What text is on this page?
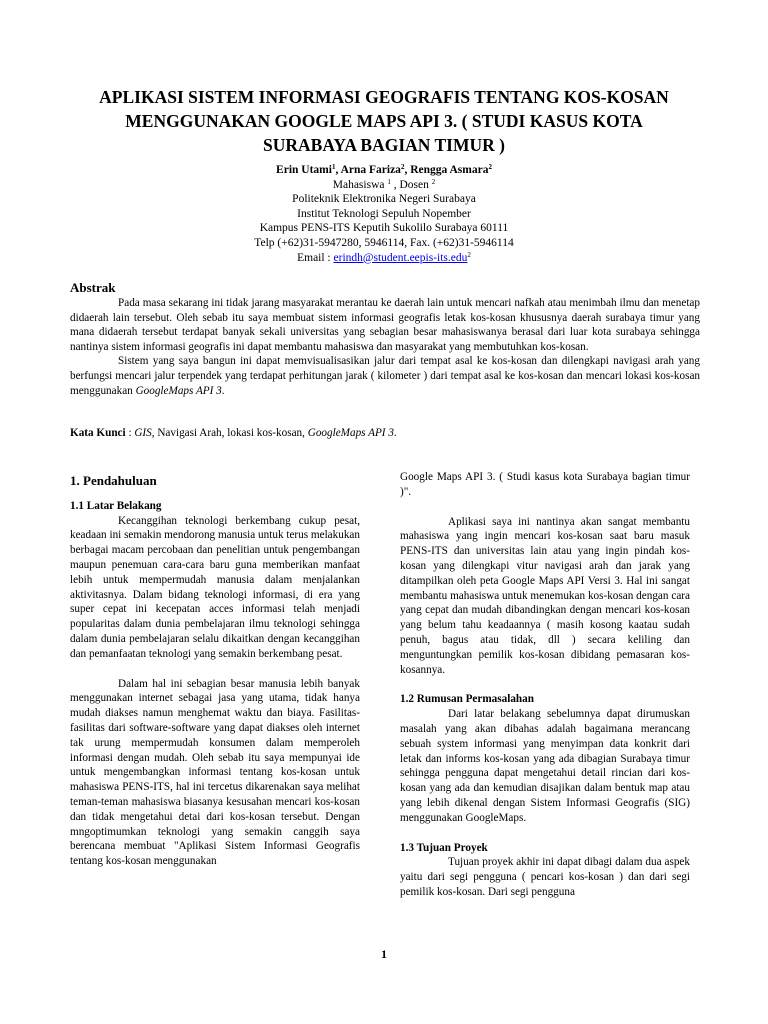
APLIKASI SISTEM INFORMASI GEOGRAFIS TENTANG KOS-KOSAN
MENGGUNAKAN GOOGLE MAPS API 3. ( STUDI KASUS KOTA
SURABAYA BAGIAN TIMUR )
Erin Utami$^1$, Arna Fariza$^2$, Rengga Asmara$^2$
Mahasiswa $^1$ , Dosen $^2$
Politeknik Elektronika Negeri Surabaya
Institut Teknologi Sepuluh Nopember
Kampus PENS-ITS Keputih Sukolilo Surabaya 60111
Telp (+62)31-5947280, 5946114, Fax. (+62)31-5946114
Email : erindh@student.eepis-its.edu$^2$
Abstrak

Pada masa sekarang ini tidak jarang masyarakat merantau ke daerah lain untuk mencari nafkah atau menimbah ilmu dan menetap didaerah lain tersebut. Oleh sebab itu saya membuat sistem informasi geografis letak kos-kosan khususnya daerah surabaya timur yang mana didaerah tersebut terdapat banyak sekali universitas yang sebagian besar mahasiswanya berasal dari luar kota surabaya sehingga nantinya sistem informasi geografis ini dapat membantu mahasiswa dan masyarakat yang membutuhkan kos-kosan.

Sistem yang saya bangun ini dapat memvisualisasikan jalur dari tempat asal ke kos-kosan dan dilengkapi navigasi arah yang berfungsi mencari jalur terpendek yang terdapat perhitungan jarak ( kilometer ) dari tempat asal ke kos-kosan dan mencari lokasi kos-kosan menggunakan GoogleMaps API 3.

Kata Kunci : GIS, Navigasi Arah, lokasi kos-kosan, GoogleMaps API 3.
1. Pendahuluan
1.1 Latar Belakang

Kecanggihan teknologi berkembang cukup pesat, keadaan ini semakin mendorong manusia untuk terus melakukan berbagai macam percobaan dan penelitian untuk pengembangan maupun penemuan cara-cara baru guna memberikan manfaat lebih untuk mempermudah manusia dalam menjalankan aktivitasnya. Dalam bidang teknologi informasi, di era yang super cepat ini kecepatan acces informasi telah menjadi popularitas dalam dunia pembelajaran ilmu teknologi sehingga dalam dunia pembelajaran selalu dikaitkan dengan kecanggihan dan pemanfaatan teknologi yang semakin berkembang pesat.

Dalam hal ini sebagian besar manusia lebih banyak menggunakan internet sebagai jasa yang utama, tidak hanya mudah diakses namun menghemat waktu dan biaya. Fasilitas-fasilitas dari software-software yang dapat diakses oleh internet tak urung mempermudah konsumen dalam memperoleh informasi dengan mudah. Oleh sebab itu saya mempunyai ide untuk mengembangkan informasi tentang kos-kosan untuk mahasiswa PENS-ITS, hal ini tercetus dikarenakan saya melihat teman-teman mahasiswa biasanya kesusahan mencari kos-kosan dan tidak mengetahui detai dari kos-kosan tersebut. Dengan mngoptimumkan teknologi yang semakin canggih saya berencana membuat "Aplikasi Sistem Informasi Geografis tentang kos-kosan menggunakan

Google Maps API 3. ( Studi kasus kota Surabaya bagian timur )".

Aplikasi saya ini nantinya akan sangat membantu mahasiswa yang ingin mencari kos-kosan saat baru masuk PENS-ITS dan universitas lain atau yang ingin pindah kos-kosan yang dilengkapi vitur navigasi arah dan jarak yang ditampilkan oleh peta Google Maps API Versi 3. Hal ini sangat membantu mahasiswa untuk menemukan kos-kosan dengan cara yang cepat dan mudah dibandingkan dengan mencari kos-kosan yang belum tahu keadaannya ( masih kosong kaatau sudah penuh, bagus atau tidak, dll ) secara keliling dan menguntungkan pemilik kos-kosan dibidang pemasaran kos-kosannya.

1.2 Rumusan Permasalahan

Dari latar belakang sebelumnya dapat dirumuskan masalah yang akan dibahas adalah bagaimana merancang sebuah system informasi yang menyimpan data konkrit dari letak dan informs kos-kosan yang ada dibagian Surabaya timur sehingga pengguna dapat mengetahui detail rincian dari kos-kosan yang ada dan kemudian disajikan dalam bentuk map atau yang lebih dikenal dengan Sistem Informasi Geografis (SIG) menggunakan GoogleMaps.

1.3 Tujuan Proyek

Tujuan proyek akhir ini dapat dibagi dalam dua aspek yaitu dari segi pengguna ( pencari kos-kosan ) dan dari segi pemilik kos-kosan. Dari segi pengguna

1
